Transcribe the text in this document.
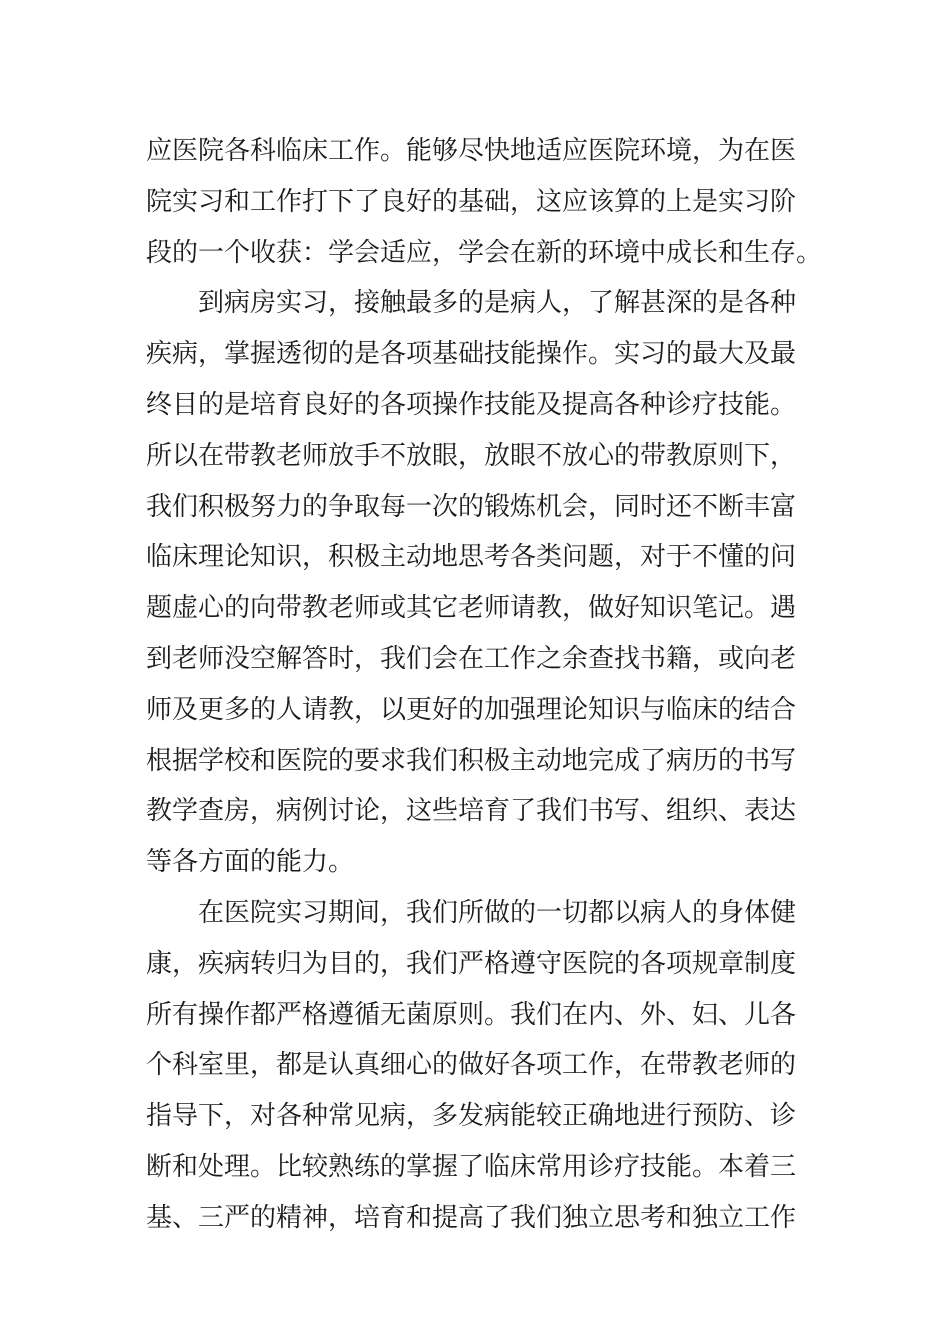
应医院各科临床工作。能够尽快地适应医院环境，为在医
院实习和工作打下了良好的基础，这应该算的上是实习阶
段的一个收获：学会适应，学会在新的环境中成长和生存。
到病房实习，接触最多的是病人，了解甚深的是各种
疾病，掌握透彻的是各项基础技能操作。实习的最大及最
终目的是培育良好的各项操作技能及提高各种诊疗技能。
所以在带教老师放手不放眼，放眼不放心的带教原则下，
我们积极努力的争取每一次的锻炼机会，同时还不断丰富
临床理论知识，积极主动地思考各类问题，对于不懂的问
题虚心的向带教老师或其它老师请教，做好知识笔记。遇
到老师没空解答时，我们会在工作之余查找书籍，或向老
师及更多的人请教，以更好的加强理论知识与临床的结合
根据学校和医院的要求我们积极主动地完成了病历的书写
教学查房，病例讨论，这些培育了我们书写、组织、表达
等各方面的能力。
在医院实习期间，我们所做的一切都以病人的身体健
康，疾病转归为目的，我们严格遵守医院的各项规章制度
所有操作都严格遵循无菌原则。我们在内、外、妇、儿各
个科室里，都是认真细心的做好各项工作，在带教老师的
指导下，对各种常见病，多发病能较正确地进行预防、诊
断和处理。比较熟练的掌握了临床常用诊疗技能。本着三
基、三严的精神，培育和提高了我们独立思考和独立工作
